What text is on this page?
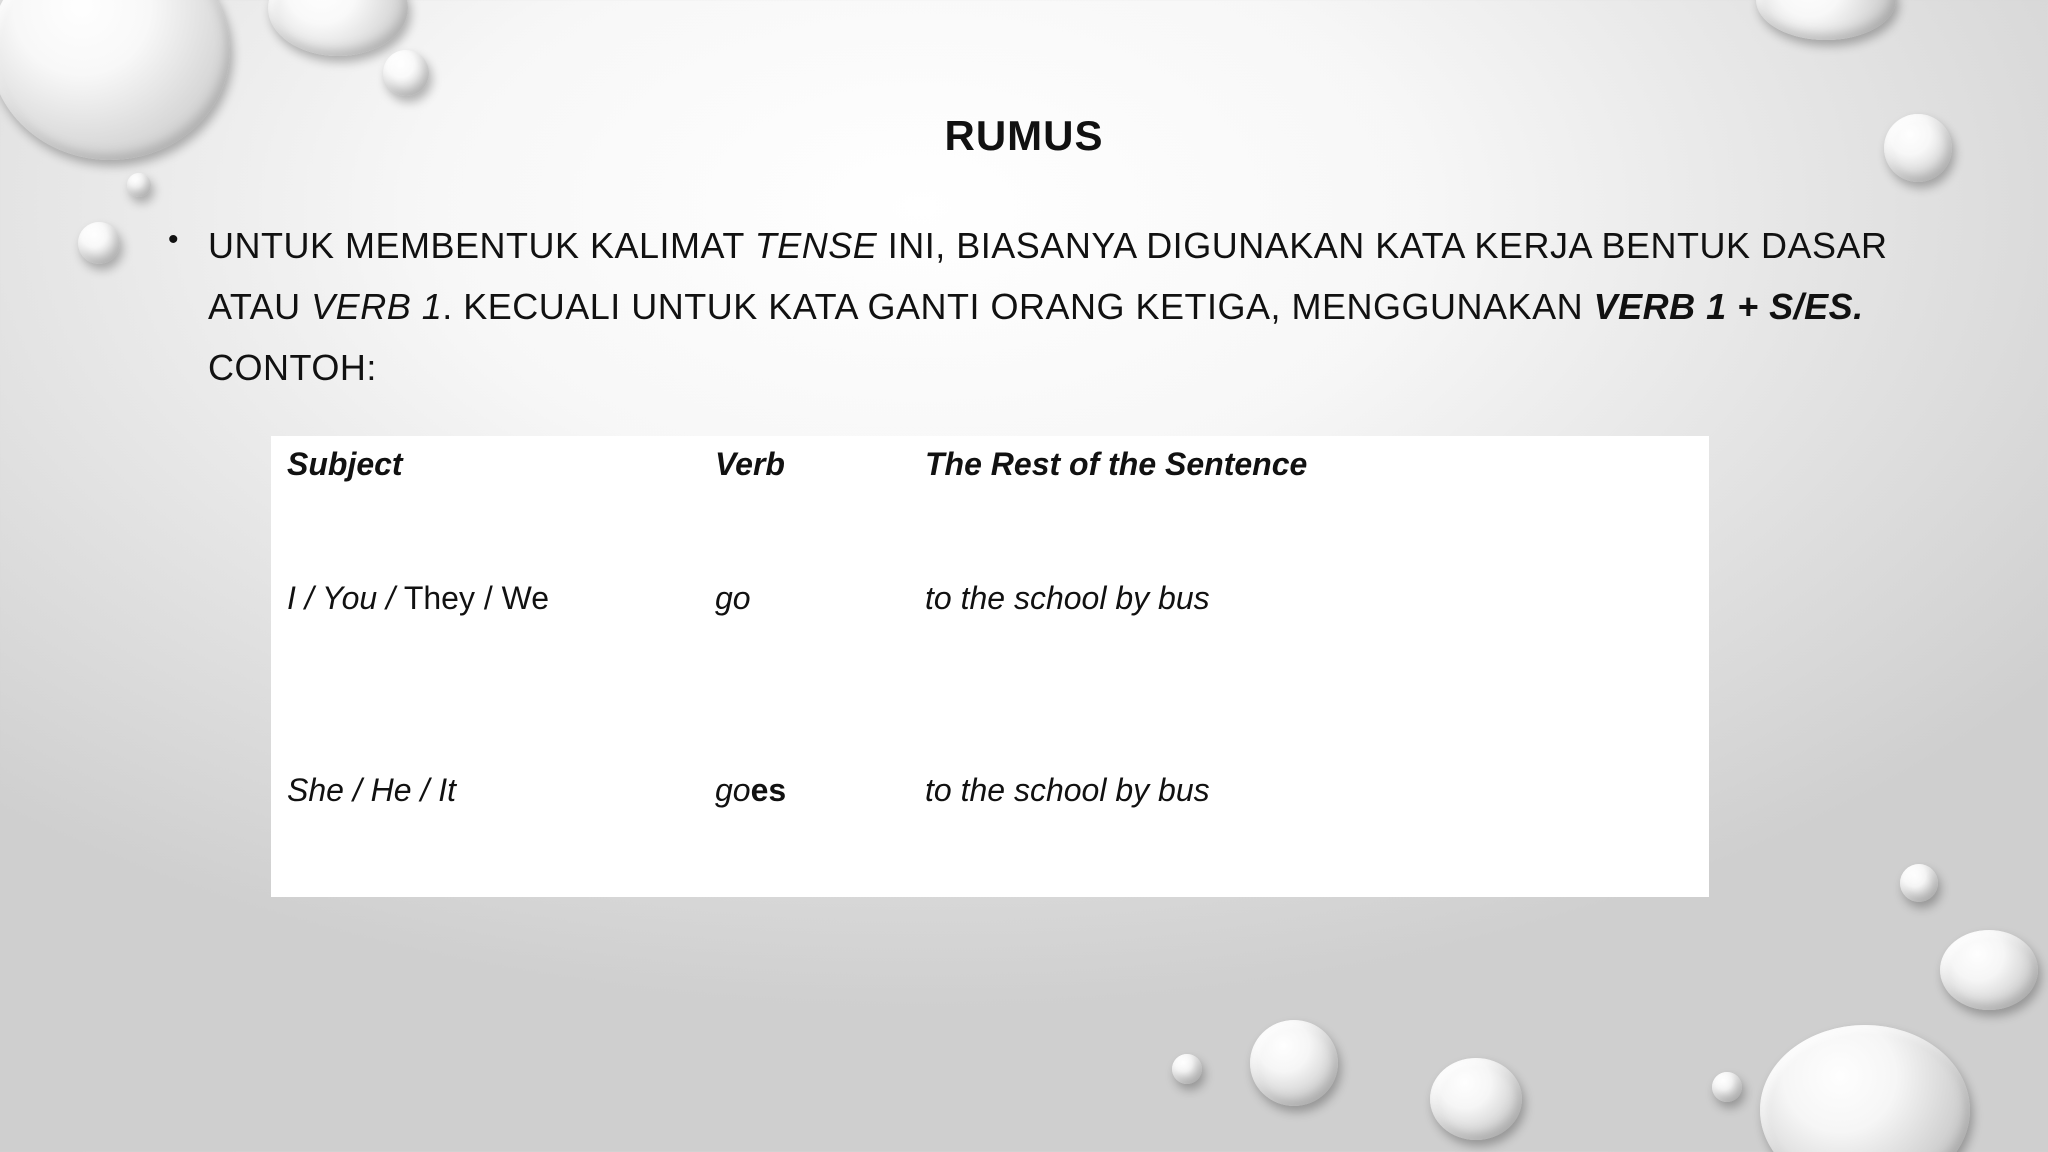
RUMUS
• UNTUK MEMBENTUK KALIMAT TENSE INI, BIASANYA DIGUNAKAN KATA KERJA BENTUK DASAR ATAU VERB 1. KECUALI UNTUK KATA GANTI ORANG KETIGA, MENGGUNAKAN VERB 1 + S/ES.
CONTOH:
Subject	Verb	The Rest of the Sentence
I / You / They / We	go	to the school by bus
She / He / It	goes	to the school by bus
